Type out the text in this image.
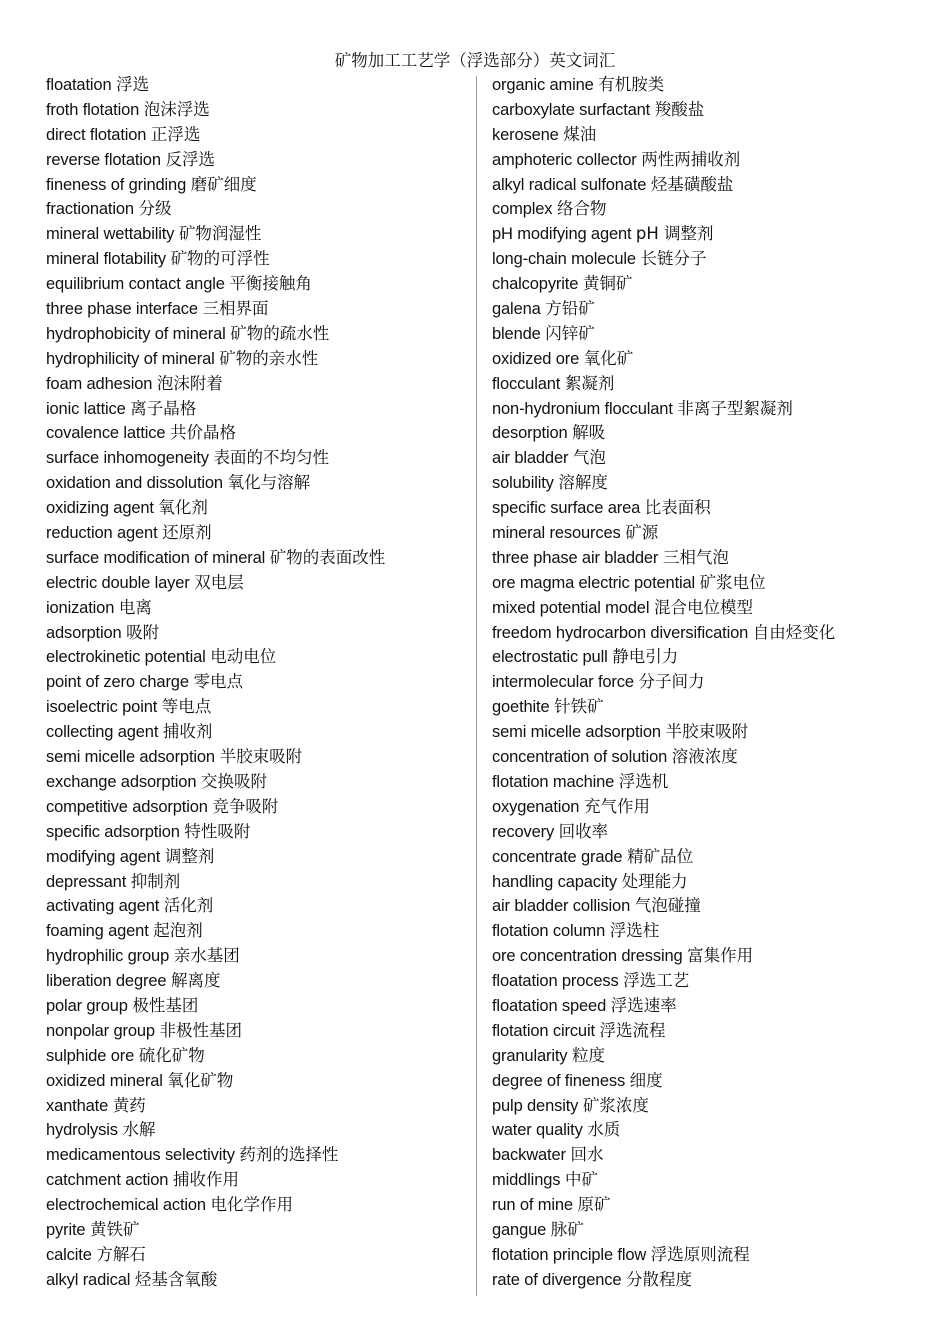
矿物加工工艺学（浮选部分）英文词汇
floatation 浮选
froth flotation 泡沫浮选
direct flotation 正浮选
reverse flotation 反浮选
fineness of grinding 磨矿细度
fractionation 分级
mineral wettability 矿物润湿性
mineral flotability 矿物的可浮性
equilibrium contact angle 平衡接触角
three phase interface 三相界面
hydrophobicity of mineral 矿物的疏水性
hydrophilicity of mineral 矿物的亲水性
foam adhesion 泡沫附着
ionic lattice 离子晶格
covalence lattice 共价晶格
surface inhomogeneity 表面的不均匀性
oxidation and dissolution 氧化与溶解
oxidizing agent 氧化剂
reduction agent 还原剂
surface modification of mineral 矿物的表面改性
electric double layer 双电层
ionization 电离
adsorption 吸附
electrokinetic potential 电动电位
point of zero charge 零电点
isoelectric point 等电点
collecting agent 捕收剂
semi micelle adsorption 半胶束吸附
exchange adsorption 交换吸附
competitive adsorption 竞争吸附
specific adsorption 特性吸附
modifying agent 调整剂
depressant 抑制剂
activating agent 活化剂
foaming agent 起泡剂
hydrophilic group 亲水基团
liberation degree 解离度
polar group 极性基团
nonpolar group 非极性基团
sulphide ore 硫化矿物
oxidized mineral 氧化矿物
xanthate 黄药
hydrolysis 水解
medicamentous selectivity 药剂的选择性
catchment action 捕收作用
electrochemical action 电化学作用
pyrite 黄铁矿
calcite 方解石
alkyl radical 烃基含氧酸
organic amine 有机胺类
carboxylate surfactant 羧酸盐
kerosene 煤油
amphoteric collector 两性两捕收剂
alkyl radical sulfonate 烃基磺酸盐
complex 络合物
pH modifying agent pH 调整剂
long-chain molecule 长链分子
chalcopyrite 黄铜矿
galena 方铅矿
blende 闪锌矿
oxidized ore 氧化矿
flocculant 絮凝剂
non-hydronium flocculant 非离子型絮凝剂
desorption 解吸
air bladder 气泡
solubility 溶解度
specific surface area 比表面积
mineral resources 矿源
three phase air bladder 三相气泡
ore magma electric potential 矿浆电位
mixed potential model 混合电位模型
freedom hydrocarbon diversification 自由烃变化
electrostatic pull 静电引力
intermolecular force 分子间力
goethite 针铁矿
semi micelle adsorption 半胶束吸附
concentration of solution 溶液浓度
flotation machine 浮选机
oxygenation 充气作用
recovery 回收率
concentrate grade 精矿品位
handling capacity 处理能力
air bladder collision 气泡碰撞
flotation column 浮选柱
ore concentration dressing 富集作用
floatation process 浮选工艺
floatation speed 浮选速率
flotation circuit 浮选流程
granularity 粒度
degree of fineness 细度
pulp density 矿浆浓度
water quality 水质
backwater 回水
middlings 中矿
run of mine 原矿
gangue 脉矿
flotation principle flow 浮选原则流程
rate of divergence 分散程度
